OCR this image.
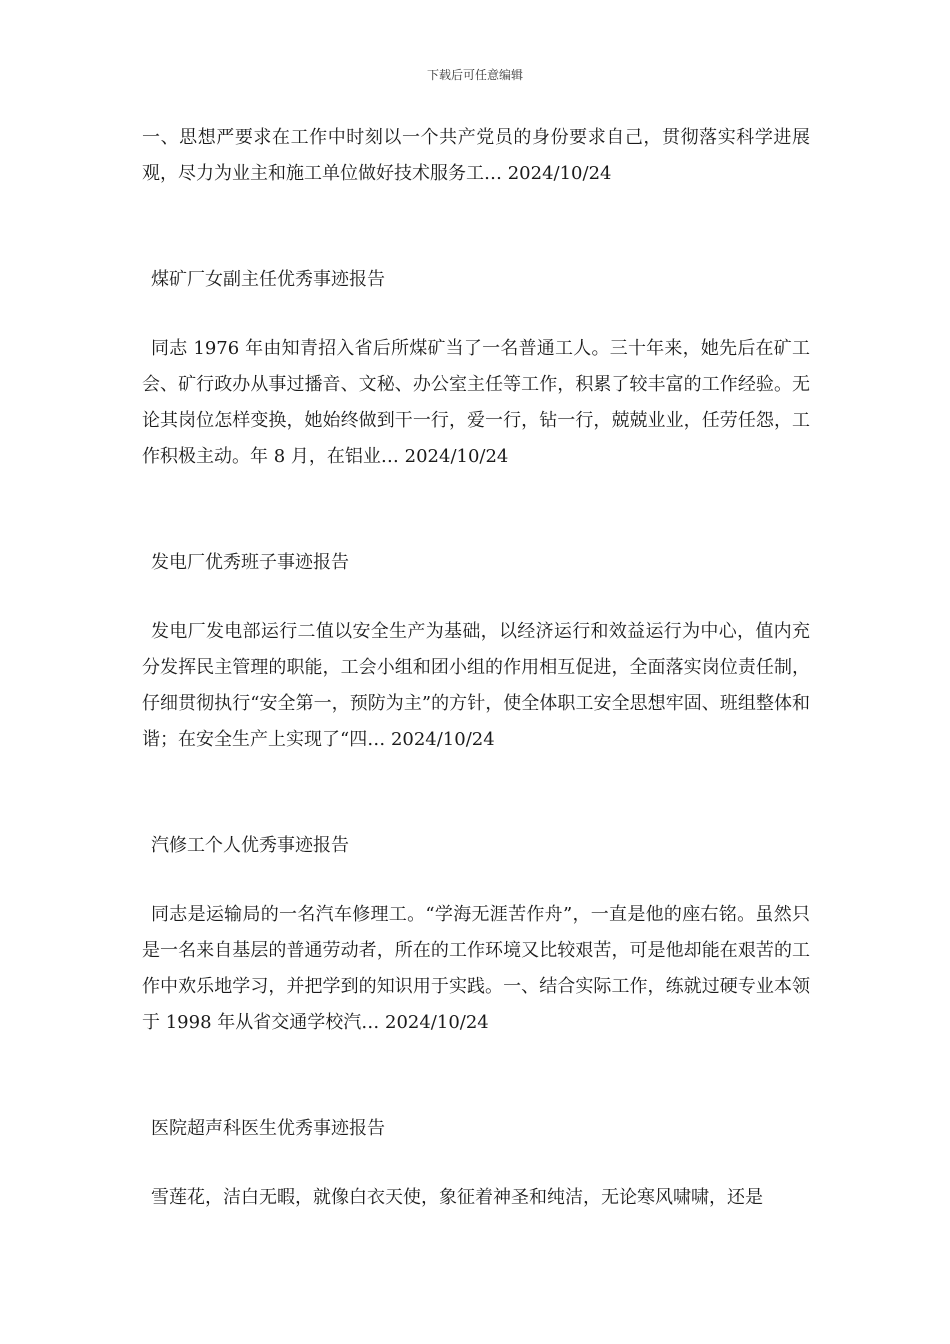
下载后可任意编辑

一、思想严要求在工作中时刻以一个共产党员的身份要求自己，贯彻落实科学进展观，尽力为业主和施工单位做好技术服务工… 2024/10/24

煤矿厂女副主任优秀事迹报告

同志 1976 年由知青招入省后所煤矿当了一名普通工人。三十年来，她先后在矿工会、矿行政办从事过播音、文秘、办公室主任等工作，积累了较丰富的工作经验。无论其岗位怎样变换，她始终做到干一行，爱一行，钻一行，兢兢业业，任劳任怨，工作积极主动。年 8 月，在铝业… 2024/10/24

发电厂优秀班子事迹报告

发电厂发电部运行二值以安全生产为基础，以经济运行和效益运行为中心，值内充分发挥民主管理的职能，工会小组和团小组的作用相互促进，全面落实岗位责任制，仔细贯彻执行“安全第一，预防为主”的方针，使全体职工安全思想牢固、班组整体和谐；在安全生产上实现了“四… 2024/10/24

汽修工个人优秀事迹报告

同志是运输局的一名汽车修理工。“学海无涯苦作舟”，一直是他的座右铭。虽然只是一名来自基层的普通劳动者，所在的工作环境又比较艰苦，可是他却能在艰苦的工作中欢乐地学习，并把学到的知识用于实践。一、结合实际工作，练就过硬专业本领于 1998 年从省交通学校汽… 2024/10/24

医院超声科医生优秀事迹报告

雪莲花，洁白无暇，就像白衣天使，象征着神圣和纯洁，无论寒风啸啸，还是
